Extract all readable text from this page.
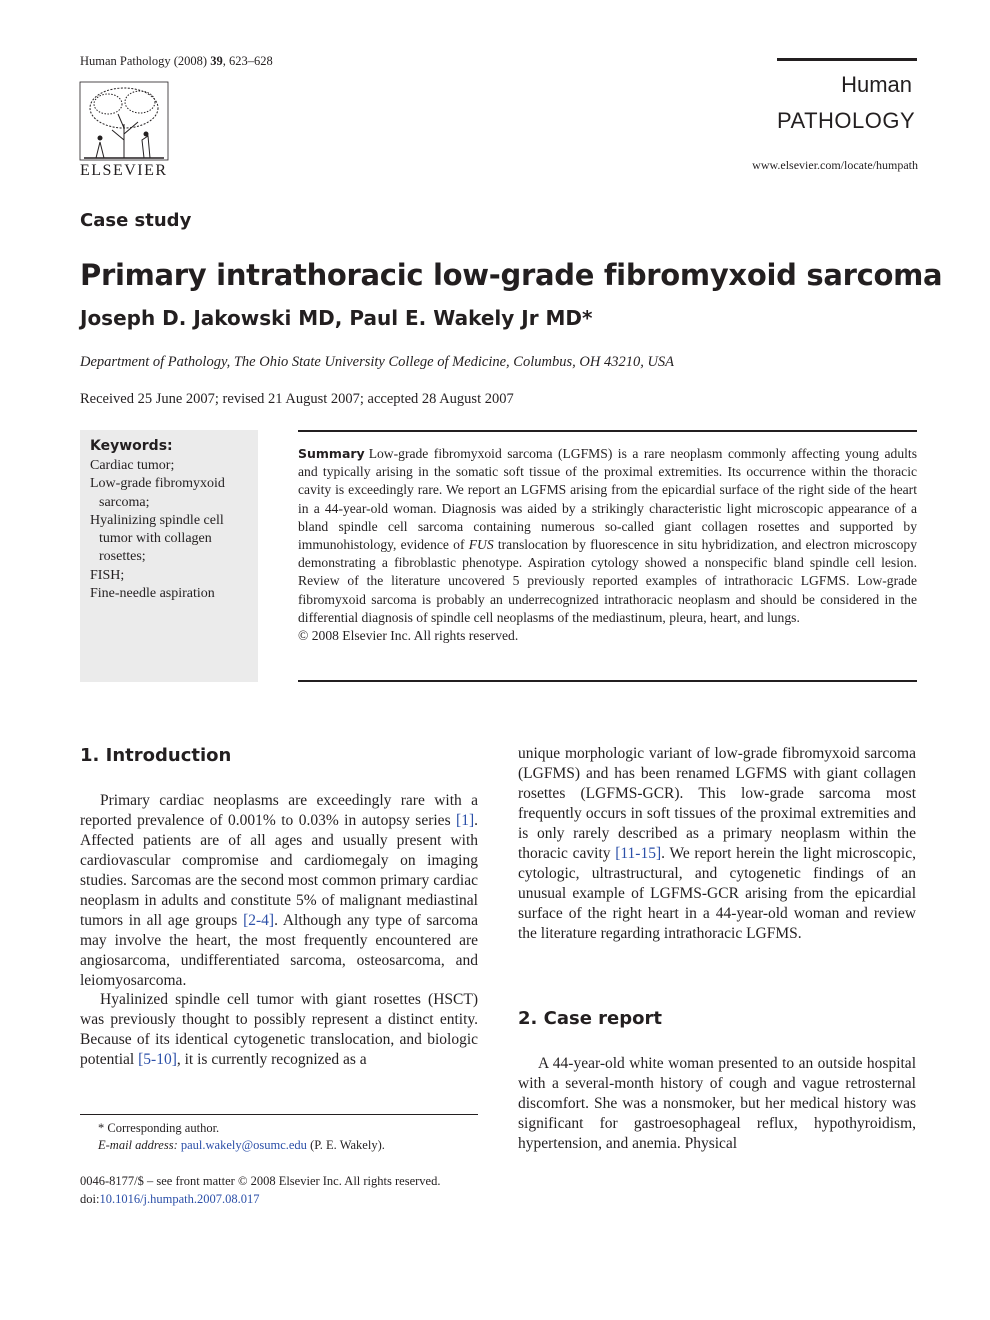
Human Pathology (2008) 39, 623–628
ELSEVIER
Human
PATHOLOGY
www.elsevier.com/locate/humpath
Case study
Primary intrathoracic low-grade fibromyxoid sarcoma
Joseph D. Jakowski MD, Paul E. Wakely Jr MD*
Department of Pathology, The Ohio State University College of Medicine, Columbus, OH 43210, USA
Received 25 June 2007; revised 21 August 2007; accepted 28 August 2007
Keywords:
Cardiac tumor;
Low-grade fibromyxoid sarcoma;
Hyalinizing spindle cell tumor with collagen rosettes;
FISH;
Fine-needle aspiration
Summary Low-grade fibromyxoid sarcoma (LGFMS) is a rare neoplasm commonly affecting young adults and typically arising in the somatic soft tissue of the proximal extremities. Its occurrence within the thoracic cavity is exceedingly rare. We report an LGFMS arising from the epicardial surface of the right side of the heart in a 44-year-old woman. Diagnosis was aided by a strikingly characteristic light microscopic appearance of a bland spindle cell sarcoma containing numerous so-called giant collagen rosettes and supported by immunohistology, evidence of FUS translocation by fluorescence in situ hybridization, and electron microscopy demonstrating a fibroblastic phenotype. Aspiration cytology showed a nonspecific bland spindle cell lesion. Review of the literature uncovered 5 previously reported examples of intrathoracic LGFMS. Low-grade fibromyxoid sarcoma is probably an underrecognized intrathoracic neoplasm and should be considered in the differential diagnosis of spindle cell neoplasms of the mediastinum, pleura, heart, and lungs.

© 2008 Elsevier Inc. All rights reserved.

1. Introduction

Primary cardiac neoplasms are exceedingly rare with a reported prevalence of 0.001% to 0.03% in autopsy series [1]. Affected patients are of all ages and usually present with cardiovascular compromise and cardiomegaly on imaging studies. Sarcomas are the second most common primary cardiac neoplasm in adults and constitute 5% of malignant mediastinal tumors in all age groups [2-4]. Although any type of sarcoma may involve the heart, the most frequently encountered are angiosarcoma, undifferentiated sarcoma, osteosarcoma, and leiomyosarcoma.

Hyalinized spindle cell tumor with giant rosettes (HSCT) was previously thought to possibly represent a distinct entity. Because of its identical cytogenetic translocation, and biologic potential [5-10], it is currently recognized as a

unique morphologic variant of low-grade fibromyxoid sarcoma (LGFMS) and has been renamed LGFMS with giant collagen rosettes (LGFMS-GCR). This low-grade sarcoma most frequently occurs in soft tissues of the proximal extremities and is only rarely described as a primary neoplasm within the thoracic cavity [11-15]. We report herein the light microscopic, cytologic, ultrastructural, and cytogenetic findings of an unusual example of LGFMS-GCR arising from the epicardial surface of the right heart in a 44-year-old woman and review the literature regarding intrathoracic LGFMS.

2. Case report

A 44-year-old white woman presented to an outside hospital with a several-month history of cough and vague retrosternal discomfort. She was a nonsmoker, but her medical history was significant for gastroesophageal reflux, hypothyroidism, hypertension, and anemia. Physical

* Corresponding author.
E-mail address: paul.wakely@osumc.edu (P. E. Wakely).
0046-8177/$ – see front matter © 2008 Elsevier Inc. All rights reserved.
doi:10.1016/j.humpath.2007.08.017
